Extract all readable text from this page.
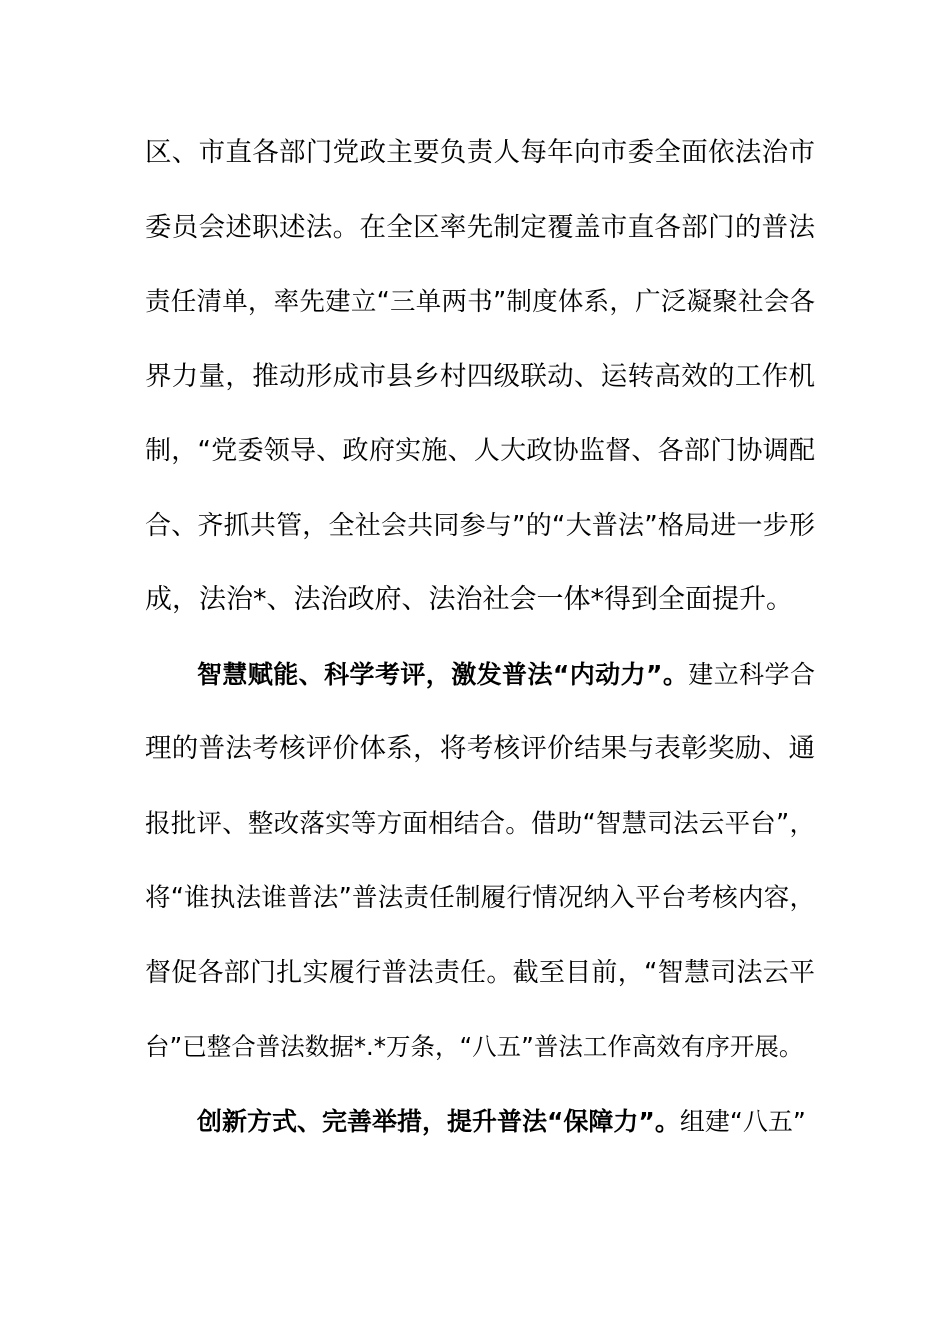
区、市直各部门党政主要负责人每年向市委全面依法治市
委员会述职述法。在全区率先制定覆盖市直各部门的普法
责任清单，率先建立“三单两书”制度体系，广泛凝聚社会各
界力量，推动形成市县乡村四级联动、运转高效的工作机
制，“党委领导、政府实施、人大政协监督、各部门协调配
合、齐抓共管，全社会共同参与”的“大普法”格局进一步形
成，法治*、法治政府、法治社会一体*得到全面提升。
智慧赋能、科学考评，激发普法“内动力”。建立科学合
理的普法考核评价体系，将考核评价结果与表彰奖励、通
报批评、整改落实等方面相结合。借助“智慧司法云平台”，
将“谁执法谁普法”普法责任制履行情况纳入平台考核内容，
督促各部门扎实履行普法责任。截至目前，“智慧司法云平
台”已整合普法数据*.*万条，“八五”普法工作高效有序开展。
创新方式、完善举措，提升普法“保障力”。组建“八五”
